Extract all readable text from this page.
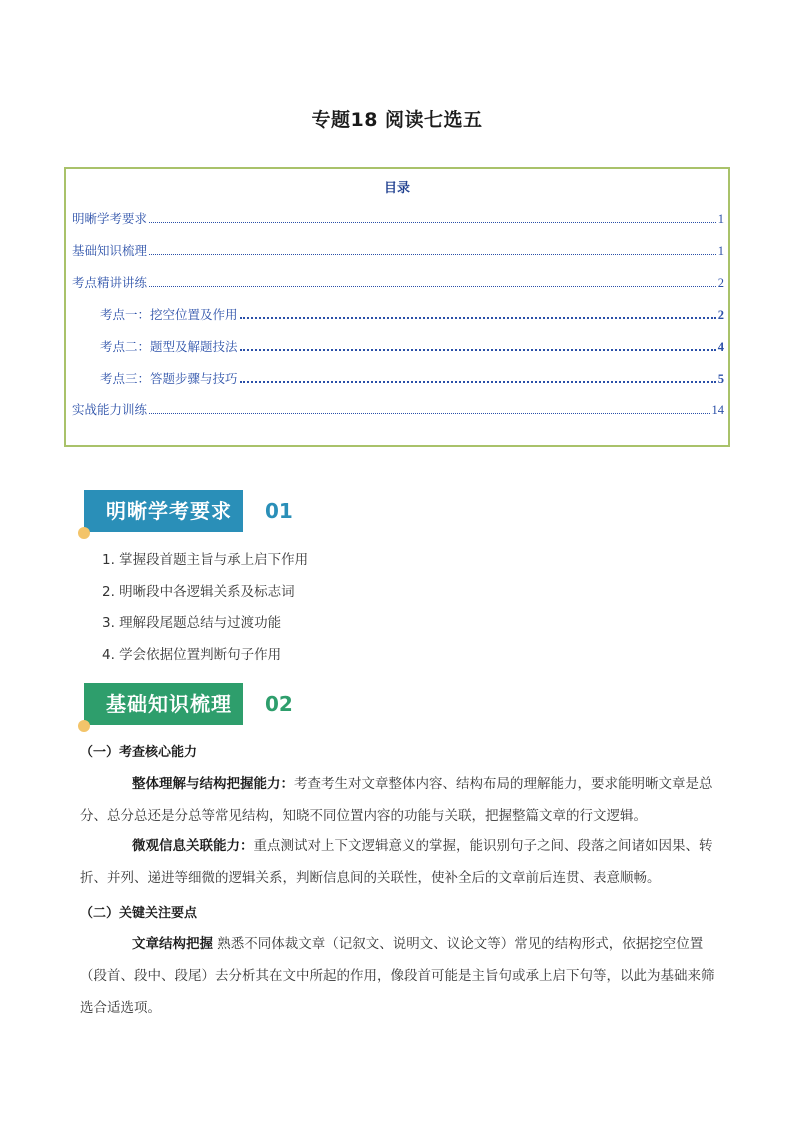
专题18 阅读七选五
目录
明晰学考要求	1
基础知识梳理	1
考点精讲讲练	2
考点一：挖空位置及作用	2
考点二：题型及解题技法	4
考点三：答题步骤与技巧	5
实战能力训练	14
明晰学考要求	01
1. 掌握段首题主旨与承上启下作用
2. 明晰段中各逻辑关系及标志词
3. 理解段尾题总结与过渡功能
4. 学会依据位置判断句子作用
基础知识梳理	02
（一）考查核心能力
整体理解与结构把握能力：考查考生对文章整体内容、结构布局的理解能力，要求能明晰文章是总分、总分总还是分总等常见结构，知晓不同位置内容的功能与关联，把握整篇文章的行文逻辑。
微观信息关联能力：重点测试对上下文逻辑意义的掌握，能识别句子之间、段落之间诸如因果、转折、并列、递进等细微的逻辑关系，判断信息间的关联性，使补全后的文章前后连贯、表意顺畅。
（二）关键关注要点
文章结构把握 熟悉不同体裁文章（记叙文、说明文、议论文等）常见的结构形式，依据挖空位置（段首、段中、段尾）去分析其在文中所起的作用，像段首可能是主旨句或承上启下句等，以此为基础来筛选合适选项。
